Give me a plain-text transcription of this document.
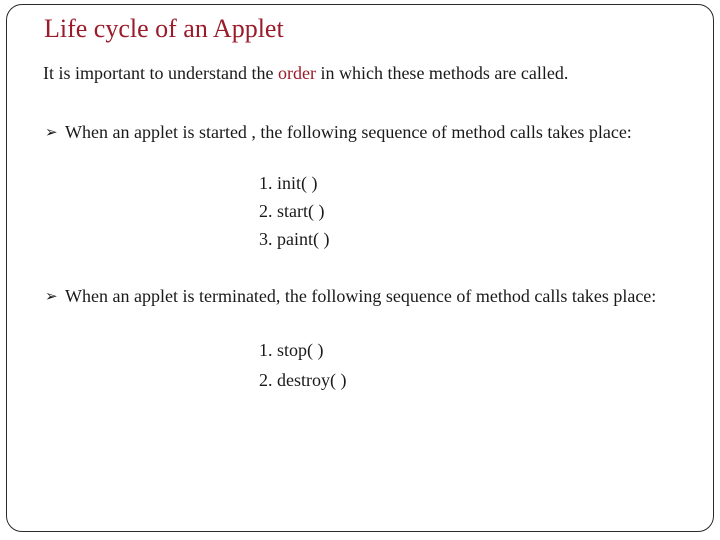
Life cycle of an Applet
It is important to understand the order in which these methods are called.
➢ When an applet is started , the following sequence of method calls takes place:
1. init( )
2. start( )
3. paint( )
➢ When an applet is terminated, the following sequence of method calls takes place:
1. stop( )
2. destroy( )
